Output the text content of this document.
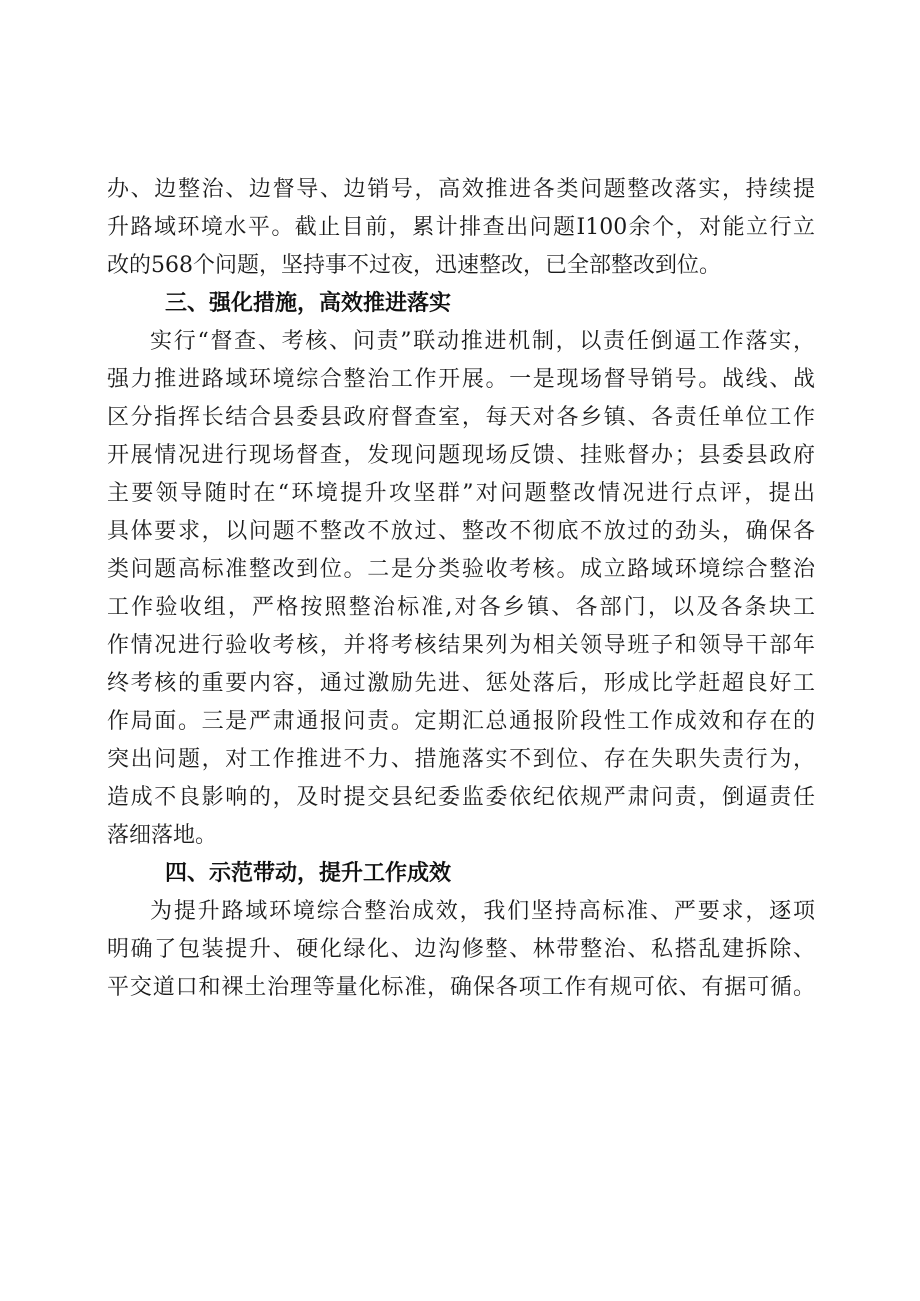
办、边整治、边督导、边销号，高效推进各类问题整改落实，持续提

升路域环境水平。截止目前，累计排查出问题I100余个，对能立行立

改的568个问题，坚持事不过夜，迅速整改，已全部整改到位。

三、强化措施，高效推进落实

实行“督查、考核、问责”联动推进机制，以责任倒逼工作落实，

强力推进路域环境综合整治工作开展。一是现场督导销号。战线、战

区分指挥长结合县委县政府督查室，每天对各乡镇、各责任单位工作

开展情况进行现场督查，发现问题现场反馈、挂账督办；县委县政府

主要领导随时在“环境提升攻坚群”对问题整改情况进行点评，提出

具体要求，以问题不整改不放过、整改不彻底不放过的劲头，确保各

类问题高标准整改到位。二是分类验收考核。成立路域环境综合整治

工作验收组，严格按照整治标准,对各乡镇、各部门，以及各条块工

作情况进行验收考核，并将考核结果列为相关领导班子和领导干部年

终考核的重要内容，通过激励先进、惩处落后，形成比学赶超良好工

作局面。三是严肃通报问责。定期汇总通报阶段性工作成效和存在的

突出问题，对工作推进不力、措施落实不到位、存在失职失责行为，

造成不良影响的，及时提交县纪委监委依纪依规严肃问责，倒逼责任

落细落地。

四、示范带动，提升工作成效

为提升路域环境综合整治成效，我们坚持高标准、严要求，逐项

明确了包装提升、硬化绿化、边沟修整、林带整治、私搭乱建拆除、

平交道口和裸土治理等量化标准，确保各项工作有规可依、有据可循。
